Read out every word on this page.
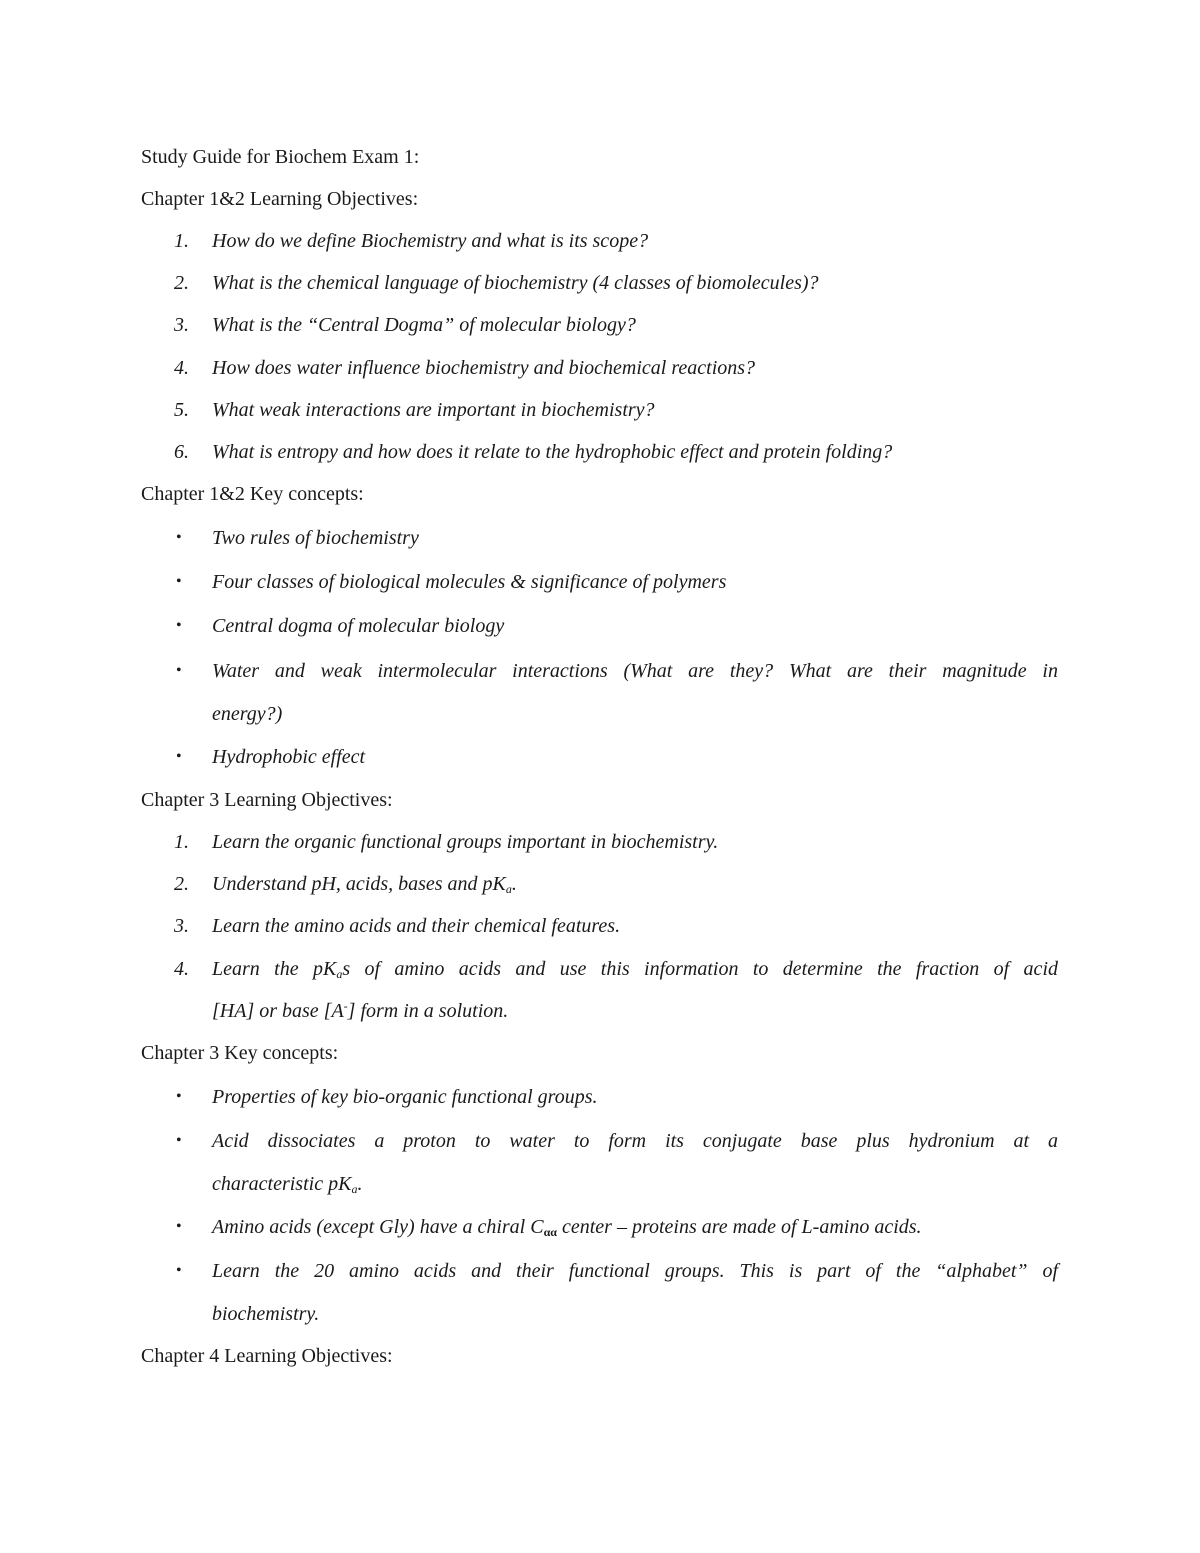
Study Guide for Biochem Exam 1:
Chapter 1&2 Learning Objectives:
1. How do we define Biochemistry and what is its scope?
2. What is the chemical language of biochemistry (4 classes of biomolecules)?
3. What is the “Central Dogma” of molecular biology?
4. How does water influence biochemistry and biochemical reactions?
5. What weak interactions are important in biochemistry?
6. What is entropy and how does it relate to the hydrophobic effect and protein folding?
Chapter 1&2 Key concepts:
• Two rules of biochemistry
• Four classes of biological molecules & significance of polymers
• Central dogma of molecular biology
• Water and weak intermolecular interactions (What are they? What are their magnitude in
energy?)
• Hydrophobic effect
Chapter 3 Learning Objectives:
1. Learn the organic functional groups important in biochemistry.
2. Understand pH, acids, bases and $pK_a$.
3. Learn the amino acids and their chemical features.
4. Learn the $pK_as$ of amino acids and use this information to determine the fraction of acid
[HA] or base [A-] form in a solution.
Chapter 3 Key concepts:
• Properties of key bio-organic functional groups.
• Acid dissociates a proton to water to form its conjugate base plus hydronium at a
characteristic $pK_a$.
• Amino acids (except Gly) have a chiral $C_{\alpha\alpha}$ center – proteins are made of L-amino acids.
• Learn the 20 amino acids and their functional groups. This is part of the “alphabet” of
biochemistry.
Chapter 4 Learning Objectives:
